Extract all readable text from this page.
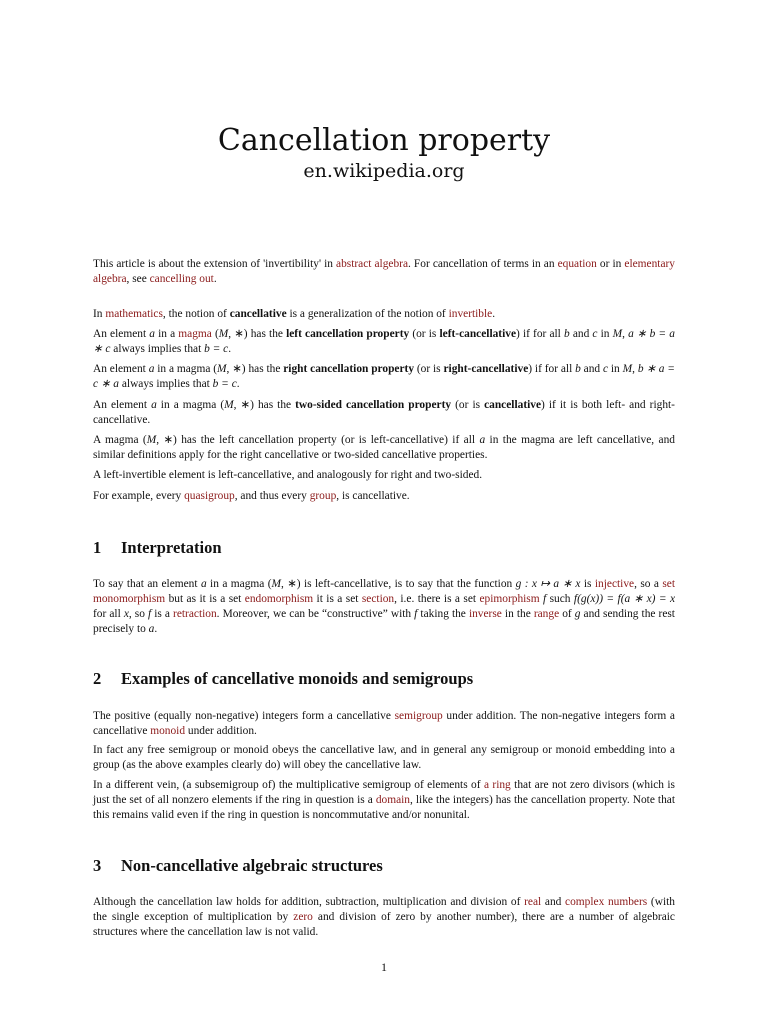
Cancellation property
en.wikipedia.org

This article is about the extension of 'invertibility' in abstract algebra. For cancellation of terms in an equation or in elementary algebra, see cancelling out.

In mathematics, the notion of cancellative is a generalization of the notion of invertible.

An element a in a magma (M, ∗) has the left cancellation property (or is left-cancellative) if for all b and c in M, a ∗ b = a ∗ c always implies that b = c.

An element a in a magma (M, ∗) has the right cancellation property (or is right-cancellative) if for all b and c in M, b ∗ a = c ∗ a always implies that b = c.

An element a in a magma (M, ∗) has the two-sided cancellation property (or is cancellative) if it is both left- and right-cancellative.

A magma (M, ∗) has the left cancellation property (or is left-cancellative) if all a in the magma are left cancellative, and similar definitions apply for the right cancellative or two-sided cancellative properties.

A left-invertible element is left-cancellative, and analogously for right and two-sided.

For example, every quasigroup, and thus every group, is cancellative.

1 Interpretation

To say that an element a in a magma (M, ∗) is left-cancellative, is to say that the function g : x ↦ a ∗ x is injective, so a set monomorphism but as it is a set endomorphism it is a set section, i.e. there is a set epimorphism f such f(g(x)) = f(a ∗ x) = x for all x, so f is a retraction. Moreover, we can be “constructive” with f taking the inverse in the range of g and sending the rest precisely to a.

2 Examples of cancellative monoids and semigroups

The positive (equally non-negative) integers form a cancellative semigroup under addition. The non-negative integers form a cancellative monoid under addition.

In fact any free semigroup or monoid obeys the cancellative law, and in general any semigroup or monoid embedding into a group (as the above examples clearly do) will obey the cancellative law.

In a different vein, (a subsemigroup of) the multiplicative semigroup of elements of a ring that are not zero divisors (which is just the set of all nonzero elements if the ring in question is a domain, like the integers) has the cancellation property. Note that this remains valid even if the ring in question is noncommutative and/or nonunital.

3 Non-cancellative algebraic structures

Although the cancellation law holds for addition, subtraction, multiplication and division of real and complex numbers (with the single exception of multiplication by zero and division of zero by another number), there are a number of algebraic structures where the cancellation law is not valid.

1
